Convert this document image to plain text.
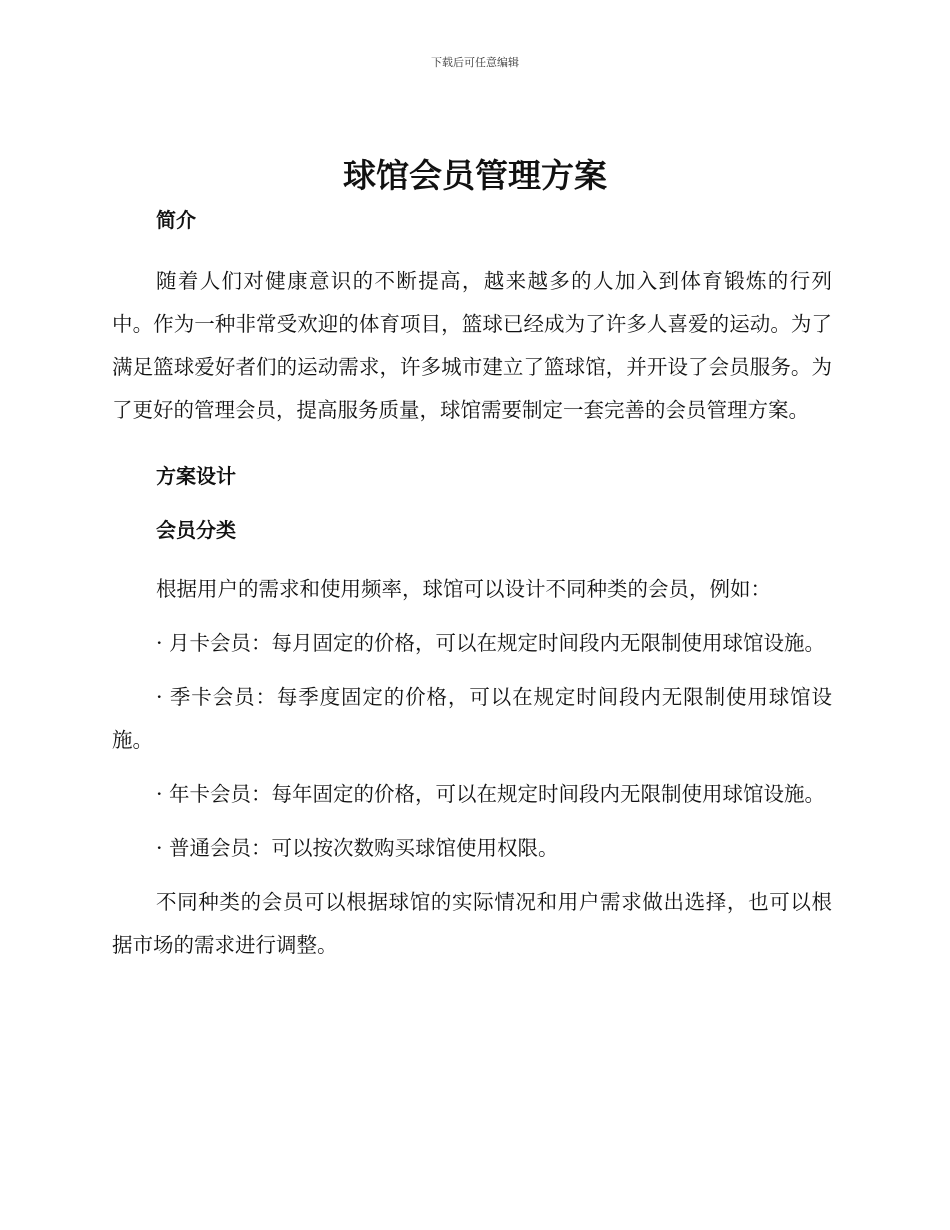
下载后可任意编辑
球馆会员管理方案
简介

随着人们对健康意识的不断提高，越来越多的人加入到体育锻炼的行列中。作为一种非常受欢迎的体育项目，篮球已经成为了许多人喜爱的运动。为了满足篮球爱好者们的运动需求，许多城市建立了篮球馆，并开设了会员服务。为了更好的管理会员，提高服务质量，球馆需要制定一套完善的会员管理方案。

方案设计
会员分类

根据用户的需求和使用频率，球馆可以设计不同种类的会员，例如：

· 月卡会员：每月固定的价格，可以在规定时间段内无限制使用球馆设施。

· 季卡会员：每季度固定的价格，可以在规定时间段内无限制使用球馆设施。

· 年卡会员：每年固定的价格，可以在规定时间段内无限制使用球馆设施。

· 普通会员：可以按次数购买球馆使用权限。

不同种类的会员可以根据球馆的实际情况和用户需求做出选择，也可以根据市场的需求进行调整。
